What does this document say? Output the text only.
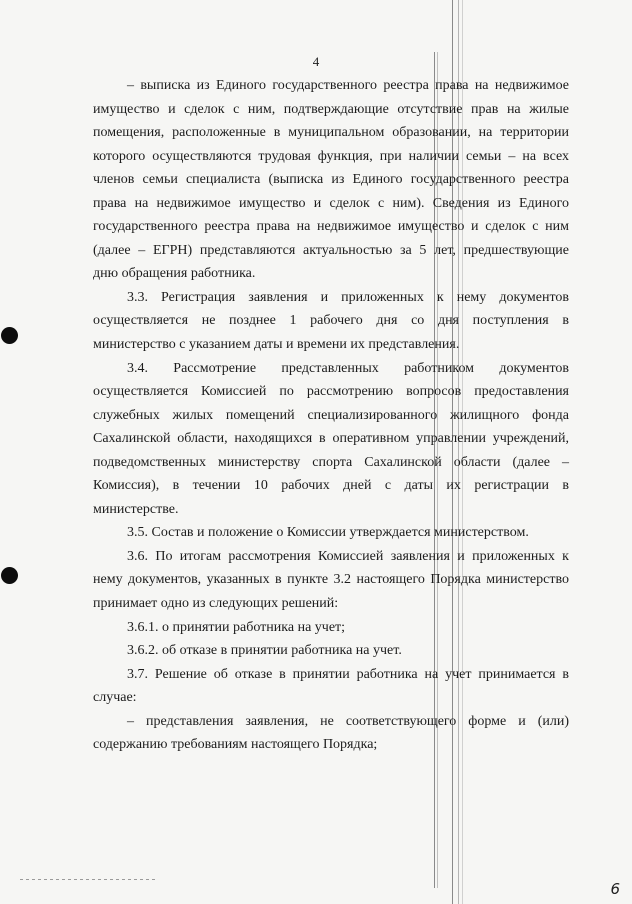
4
– выписка из Единого государственного реестра права на недвижимое
имущество и сделок с ним, подтверждающие отсутствие прав на жилые
помещения, расположенные в муниципальном образовании, на территории
которого осуществляются трудовая функция, при наличии семьи – на всех
членов семьи специалиста (выписка из Единого государственного реестра
права на недвижимое имущество и сделок с ним). Сведения из Единого
государственного реестра права на недвижимое имущество и сделок с ним
(далее – ЕГРН) представляются актуальностью за 5 лет, предшествующие
дню обращения работника.
3.3. Регистрация заявления и приложенных к нему документов
осуществляется не позднее 1 рабочего дня со дня поступления в
министерство с указанием даты и времени их представления.
3.4. Рассмотрение представленных работником документов
осуществляется Комиссией по рассмотрению вопросов предоставления
служебных жилых помещений специализированного жилищного фонда
Сахалинской области, находящихся в оперативном управлении учреждений,
подведомственных министерству спорта Сахалинской области (далее –
Комиссия), в течении 10 рабочих дней с даты их регистрации в
министерстве.
3.5. Состав и положение о Комиссии утверждается министерством.
3.6. По итогам рассмотрения Комиссией заявления и приложенных к
нему документов, указанных в пункте 3.2 настоящего Порядка министерство
принимает одно из следующих решений:
3.6.1. о принятии работника на учет;
3.6.2. об отказе в принятии работника на учет.
3.7. Решение об отказе в принятии работника на учет принимается в
случае:
– представления заявления, не соответствующего форме и (или)
содержанию требованиям настоящего Порядка;
6
